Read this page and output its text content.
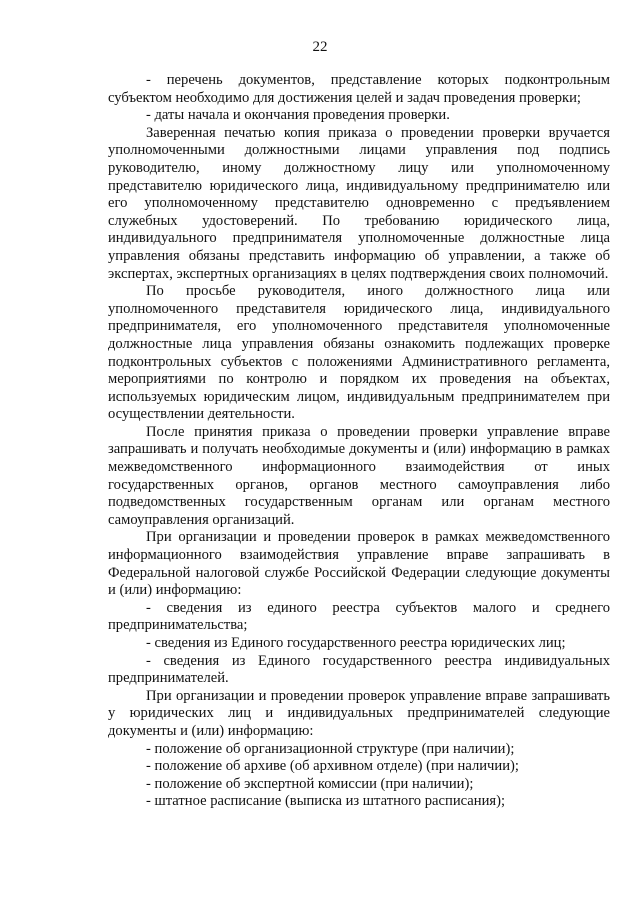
22

- перечень документов, представление которых подконтрольным субъектом необходимо для достижения целей и задач проведения проверки;

- даты начала и окончания проведения проверки.

Заверенная печатью копия приказа о проведении проверки вручается уполномоченными должностными лицами управления под подпись руководителю, иному должностному лицу или уполномоченному представителю юридического лица, индивидуальному предпринимателю или его уполномоченному представителю одновременно с предъявлением служебных удостоверений. По требованию юридического лица, индивидуального предпринимателя уполномоченные должностные лица управления обязаны представить информацию об управлении, а также об экспертах, экспертных организациях в целях подтверждения своих полномочий.

По просьбе руководителя, иного должностного лица или уполномоченного представителя юридического лица, индивидуального предпринимателя, его уполномоченного представителя уполномоченные должностные лица управления обязаны ознакомить подлежащих проверке подконтрольных субъектов с положениями Административного регламента, мероприятиями по контролю и порядком их проведения на объектах, используемых юридическим лицом, индивидуальным предпринимателем при осуществлении деятельности.

После принятия приказа о проведении проверки управление вправе запрашивать и получать необходимые документы и (или) информацию в рамках межведомственного информационного взаимодействия от иных государственных органов, органов местного самоуправления либо подведомственных государственным органам или органам местного самоуправления организаций.

При организации и проведении проверок в рамках межведомственного информационного взаимодействия управление вправе запрашивать в Федеральной налоговой службе Российской Федерации следующие документы и (или) информацию:

- сведения из единого реестра субъектов малого и среднего предпринимательства;

- сведения из Единого государственного реестра юридических лиц;

- сведения из Единого государственного реестра индивидуальных предпринимателей.

При организации и проведении проверок управление вправе запрашивать у юридических лиц и индивидуальных предпринимателей следующие документы и (или) информацию:

- положение об организационной структуре (при наличии);

- положение об архиве (об архивном отделе) (при наличии);

- положение об экспертной комиссии (при наличии);

- штатное расписание (выписка из штатного расписания);
